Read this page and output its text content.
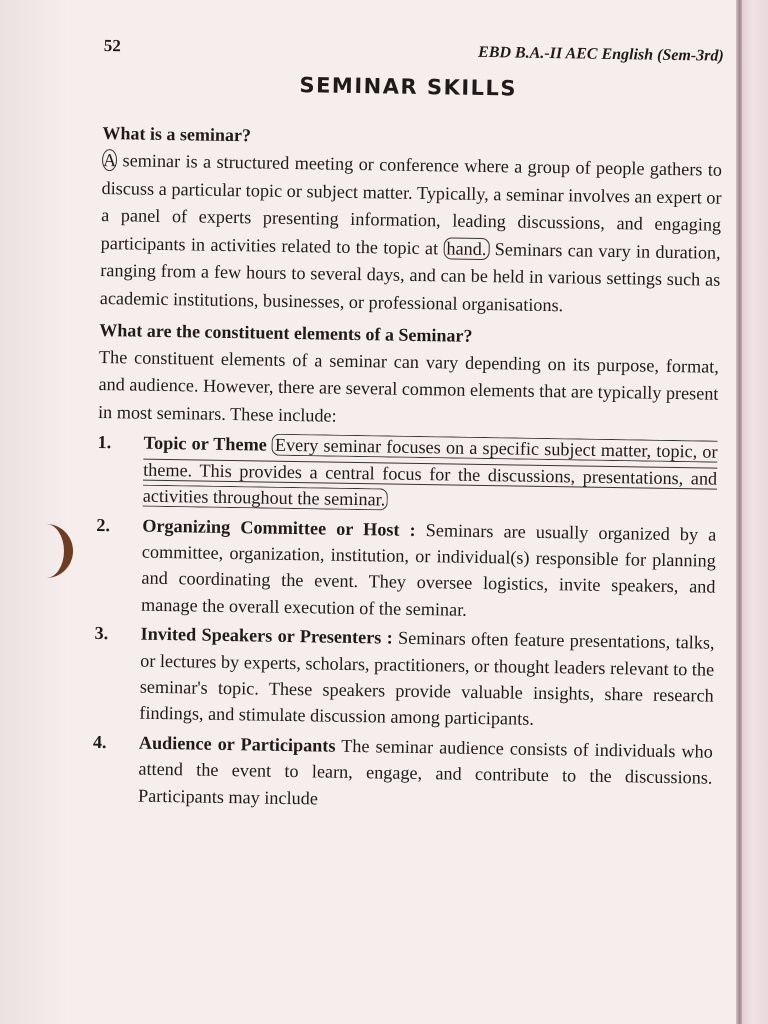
52	EBD B.A.-II AEC English (Sem-3rd)
SEMINAR SKILLS
What is a seminar?

A seminar is a structured meeting or conference where a group of people gathers to discuss a particular topic or subject matter. Typically, a seminar involves an expert or a panel of experts presenting information, leading discussions, and engaging participants in activities related to the topic at hand. Seminars can vary in duration, ranging from a few hours to several days, and can be held in various settings such as academic institutions, businesses, or professional organisations.

What are the constituent elements of a Seminar?

The constituent elements of a seminar can vary depending on its purpose, format, and audience. However, there are several common elements that are typically present in most seminars. These include:

1. Topic or Theme Every seminar focuses on a specific subject matter, topic, or theme. This provides a central focus for the discussions, presentations, and activities throughout the seminar.
2. Organizing Committee or Host : Seminars are usually organized by a committee, organization, institution, or individual(s) responsible for planning and coordinating the event. They oversee logistics, invite speakers, and manage the overall execution of the seminar.
3. Invited Speakers or Presenters : Seminars often feature presentations, talks, or lectures by experts, scholars, practitioners, or thought leaders relevant to the seminar's topic. These speakers provide valuable insights, share research findings, and stimulate discussion among participants.
4. Audience or Participants The seminar audience consists of individuals who attend the event to learn, engage, and contribute to the discussions. Participants may include
